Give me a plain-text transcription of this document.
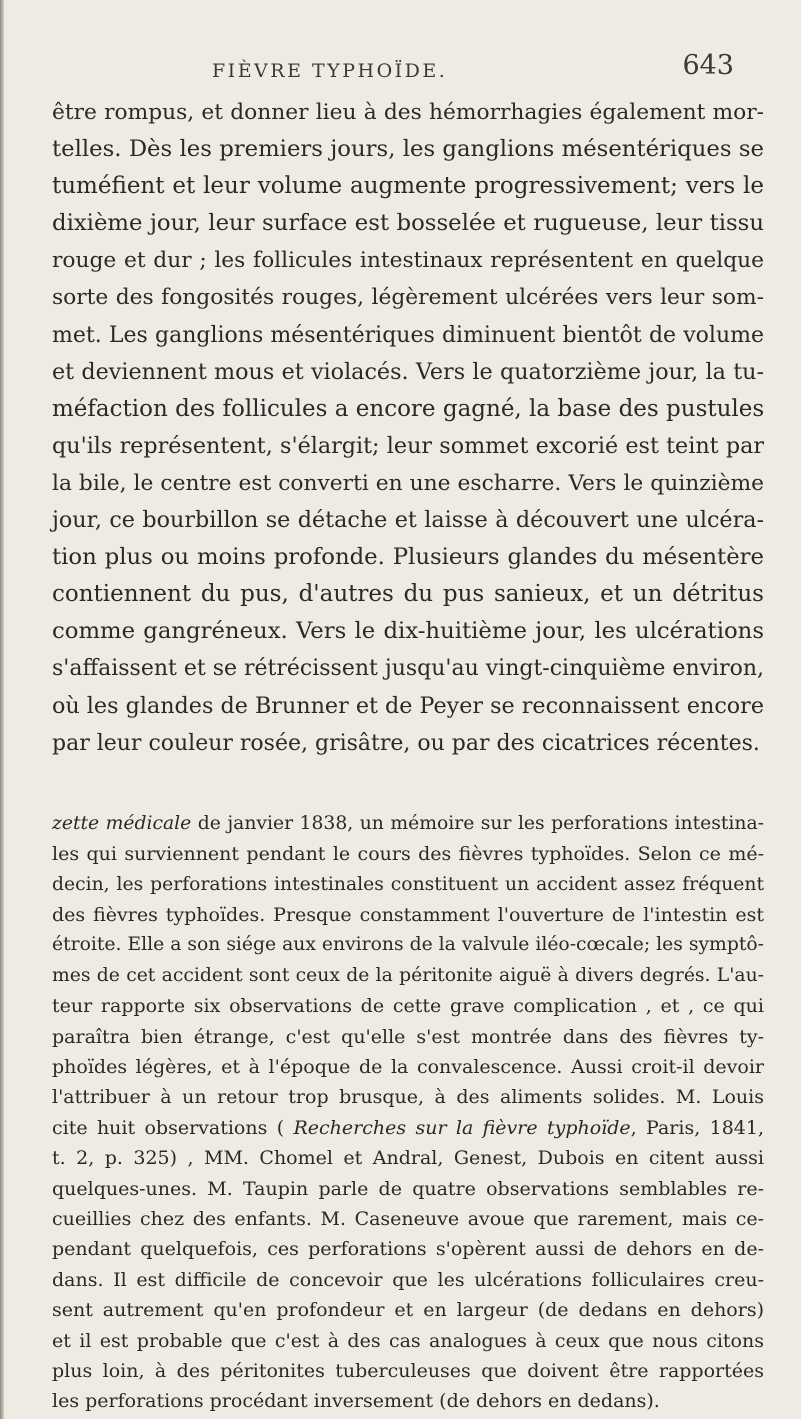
FIÈVRE TYPHOÏDE.	643
être rompus, et donner lieu à des hémorrhagies également mor-
telles. Dès les premiers jours, les ganglions mésentériques se
tuméfient et leur volume augmente progressivement; vers le
dixième jour, leur surface est bosselée et rugueuse, leur tissu
rouge et dur ; les follicules intestinaux représentent en quelque
sorte des fongosités rouges, légèrement ulcérées vers leur som-
met. Les ganglions mésentériques diminuent bientôt de volume
et deviennent mous et violacés. Vers le quatorzième jour, la tu-
méfaction des follicules a encore gagné, la base des pustules
qu'ils représentent, s'élargit; leur sommet excorié est teint par
la bile, le centre est converti en une escharre. Vers le quinzième
jour, ce bourbillon se détache et laisse à découvert une ulcéra-
tion plus ou moins profonde. Plusieurs glandes du mésentère
contiennent du pus, d'autres du pus sanieux, et un détritus
comme gangréneux. Vers le dix-huitième jour, les ulcérations
s'affaissent et se rétrécissent jusqu'au vingt-cinquième environ,
où les glandes de Brunner et de Peyer se reconnaissent encore
par leur couleur rosée, grisâtre, ou par des cicatrices récentes.
zette médicale de janvier 1838, un mémoire sur les perforations intestina-
les qui surviennent pendant le cours des fièvres typhoïdes. Selon ce mé-
decin, les perforations intestinales constituent un accident assez fréquent
des fièvres typhoïdes. Presque constamment l'ouverture de l'intestin est
étroite. Elle a son siége aux environs de la valvule iléo-cœcale; les symptô-
mes de cet accident sont ceux de la péritonite aiguë à divers degrés. L'au-
teur rapporte six observations de cette grave complication , et , ce qui
paraîtra bien étrange, c'est qu'elle s'est montrée dans des fièvres ty-
phoïdes légères, et à l'époque de la convalescence. Aussi croit-il devoir
l'attribuer à un retour trop brusque, à des aliments solides. M. Louis
cite huit observations ( Recherches sur la fièvre typhoïde, Paris, 1841,
t. 2, p. 325) , MM. Chomel et Andral, Genest, Dubois en citent aussi
quelques-unes. M. Taupin parle de quatre observations semblables re-
cueillies chez des enfants. M. Caseneuve avoue que rarement, mais ce-
pendant quelquefois, ces perforations s'opèrent aussi de dehors en de-
dans. Il est difficile de concevoir que les ulcérations folliculaires creu-
sent autrement qu'en profondeur et en largeur (de dedans en dehors)
et il est probable que c'est à des cas analogues à ceux que nous citons
plus loin, à des péritonites tuberculeuses que doivent être rapportées
les perforations procédant inversement (de dehors en dedans).
